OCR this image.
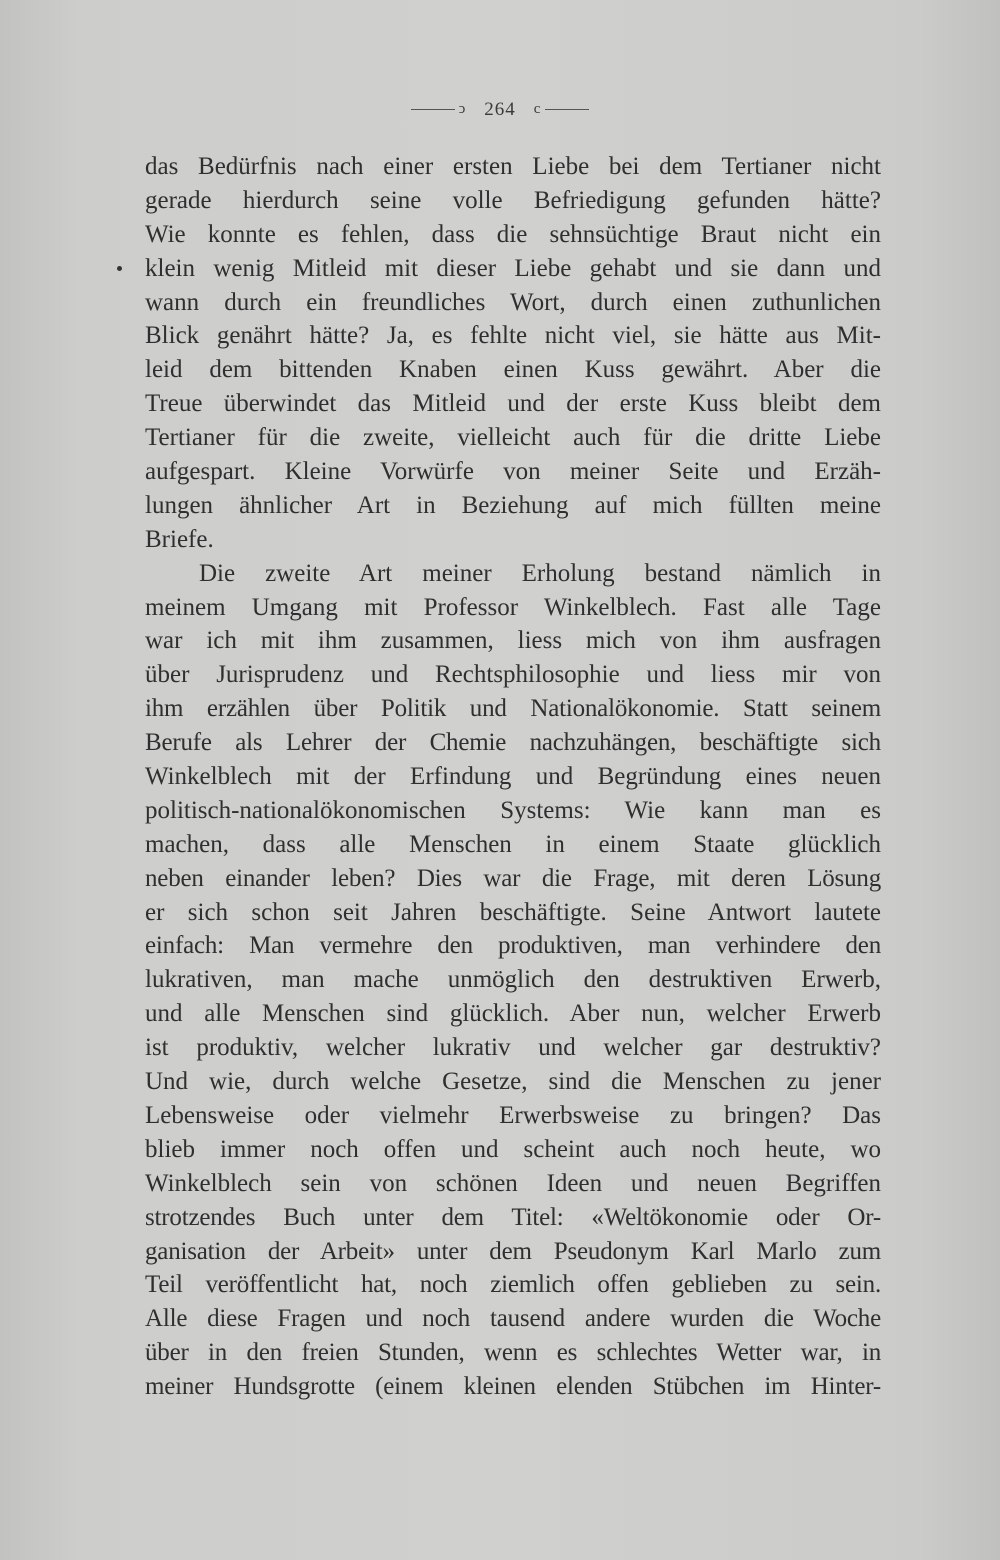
ↄ 264 c
das Bedürfnis nach einer ersten Liebe bei dem Tertianer nicht
gerade hierdurch seine volle Befriedigung gefunden hätte?
Wie konnte es fehlen, dass die sehnsüchtige Braut nicht ein
klein wenig Mitleid mit dieser Liebe gehabt und sie dann und
wann durch ein freundliches Wort, durch einen zuthunlichen
Blick genährt hätte? Ja, es fehlte nicht viel, sie hätte aus Mit-
leid dem bittenden Knaben einen Kuss gewährt. Aber die
Treue überwindet das Mitleid und der erste Kuss bleibt dem
Tertianer für die zweite, vielleicht auch für die dritte Liebe
aufgespart. Kleine Vorwürfe von meiner Seite und Erzäh-
lungen ähnlicher Art in Beziehung auf mich füllten meine
Briefe.
Die zweite Art meiner Erholung bestand nämlich in
meinem Umgang mit Professor Winkelblech. Fast alle Tage
war ich mit ihm zusammen, liess mich von ihm ausfragen
über Jurisprudenz und Rechtsphilosophie und liess mir von
ihm erzählen über Politik und Nationalökonomie. Statt seinem
Berufe als Lehrer der Chemie nachzuhängen, beschäftigte sich
Winkelblech mit der Erfindung und Begründung eines neuen
politisch-nationalökonomischen Systems: Wie kann man es
machen, dass alle Menschen in einem Staate glücklich
neben einander leben? Dies war die Frage, mit deren Lösung
er sich schon seit Jahren beschäftigte. Seine Antwort lautete
einfach: Man vermehre den produktiven, man verhindere den
lukrativen, man mache unmöglich den destruktiven Erwerb,
und alle Menschen sind glücklich. Aber nun, welcher Erwerb
ist produktiv, welcher lukrativ und welcher gar destruktiv?
Und wie, durch welche Gesetze, sind die Menschen zu jener
Lebensweise oder vielmehr Erwerbsweise zu bringen? Das
blieb immer noch offen und scheint auch noch heute, wo
Winkelblech sein von schönen Ideen und neuen Begriffen
strotzendes Buch unter dem Titel: «Weltökonomie oder Or-
ganisation der Arbeit» unter dem Pseudonym Karl Marlo zum
Teil veröffentlicht hat, noch ziemlich offen geblieben zu sein.
Alle diese Fragen und noch tausend andere wurden die Woche
über in den freien Stunden, wenn es schlechtes Wetter war, in
meiner Hundsgrotte (einem kleinen elenden Stübchen im Hinter-
